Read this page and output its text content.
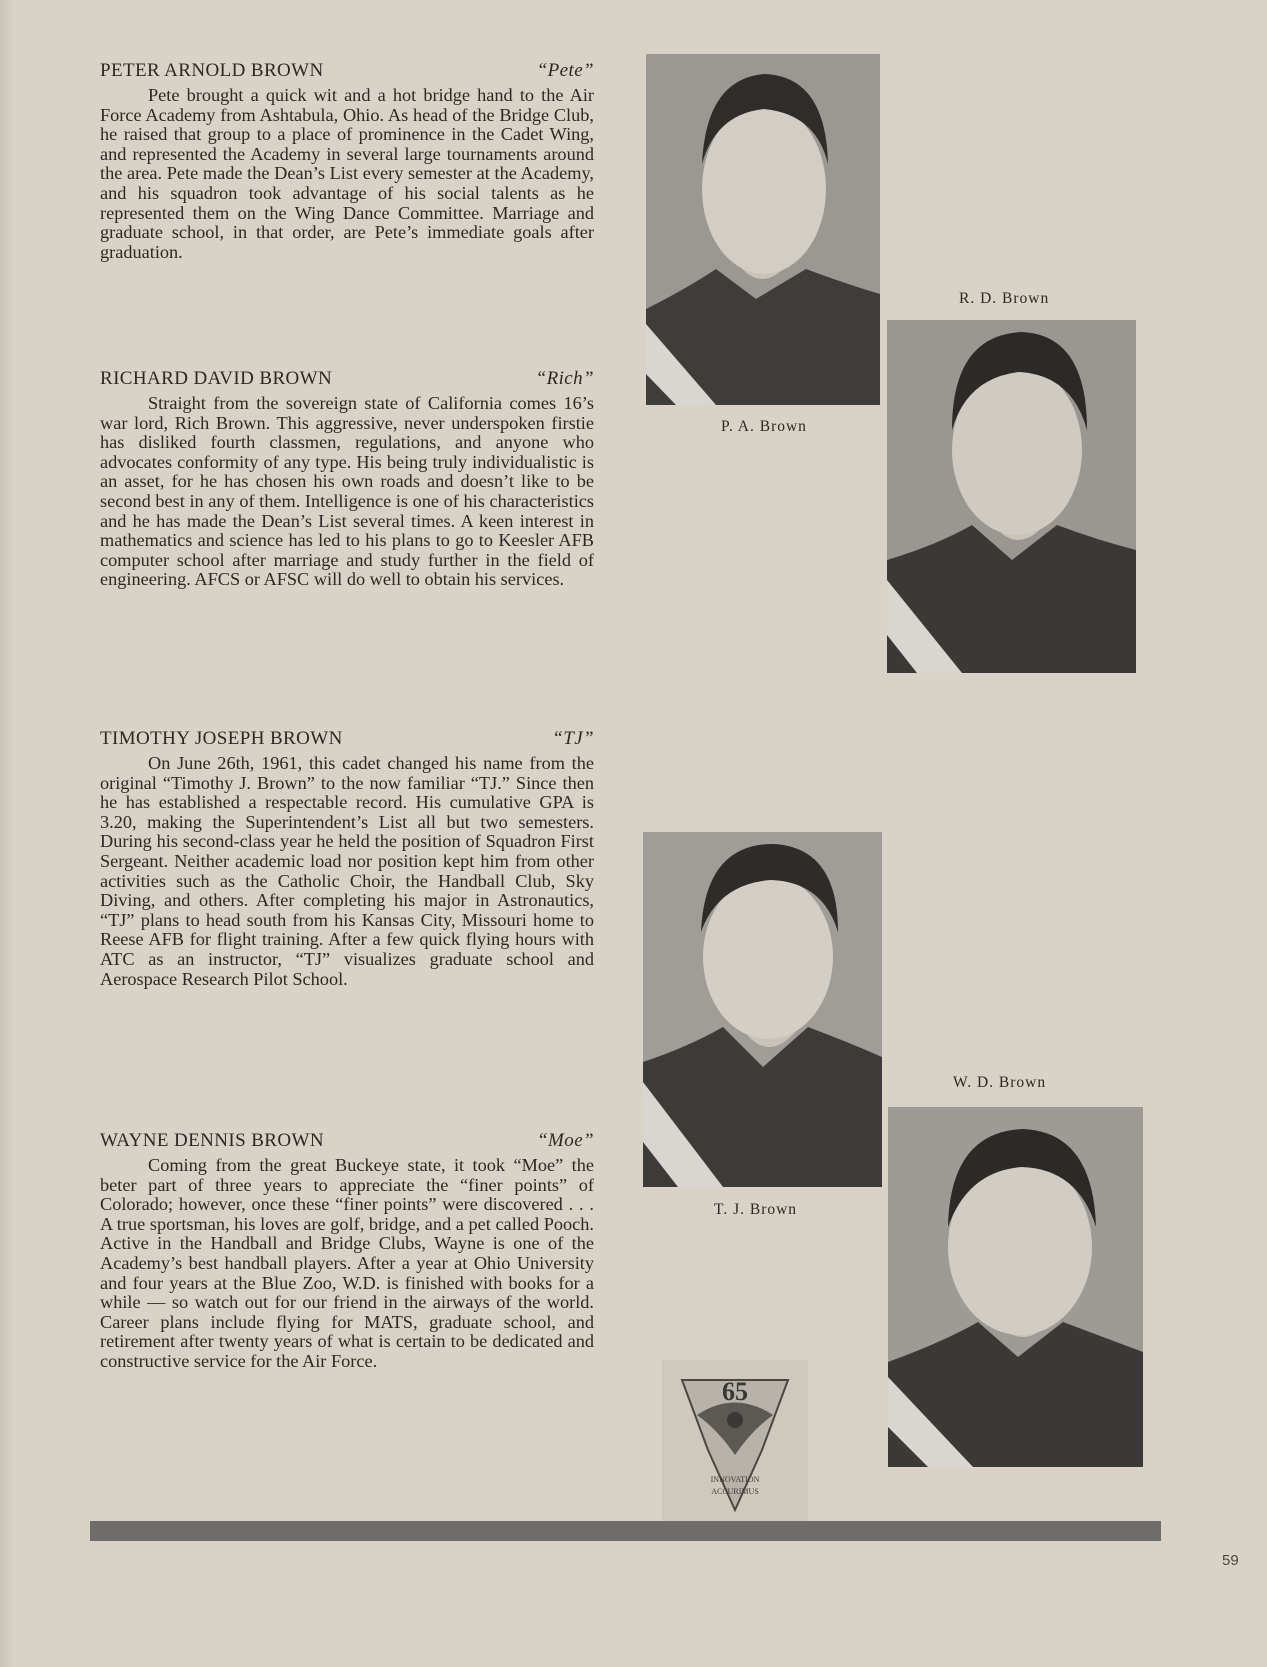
PETER ARNOLD BROWN	“Pete”

Pete brought a quick wit and a hot bridge hand to the Air Force Academy from Ashtabula, Ohio. As head of the Bridge Club, he raised that group to a place of prominence in the Cadet Wing, and represented the Academy in several large tournaments around the area. Pete made the Dean’s List every semester at the Academy, and his squadron took advantage of his social talents as he represented them on the Wing Dance Committee. Marriage and graduate school, in that order, are Pete’s immediate goals after graduation.

RICHARD DAVID BROWN	“Rich”

Straight from the sovereign state of California comes 16’s war lord, Rich Brown. This aggressive, never underspoken firstie has disliked fourth classmen, regulations, and anyone who advocates conformity of any type. His being truly individualistic is an asset, for he has chosen his own roads and doesn’t like to be second best in any of them. Intelligence is one of his characteristics and he has made the Dean’s List several times. A keen interest in mathematics and science has led to his plans to go to Keesler AFB computer school after marriage and study further in the field of engineering. AFCS or AFSC will do well to obtain his services.

TIMOTHY JOSEPH BROWN	“TJ”

On June 26th, 1961, this cadet changed his name from the original “Timothy J. Brown” to the now familiar “TJ.” Since then he has established a respectable record. His cumulative GPA is 3.20, making the Superintendent’s List all but two semesters. During his second-class year he held the position of Squadron First Sergeant. Neither academic load nor position kept him from other activities such as the Catholic Choir, the Handball Club, Sky Diving, and others. After completing his major in Astronautics, “TJ” plans to head south from his Kansas City, Missouri home to Reese AFB for flight training. After a few quick flying hours with ATC as an instructor, “TJ” visualizes graduate school and Aerospace Research Pilot School.

WAYNE DENNIS BROWN	“Moe”

Coming from the great Buckeye state, it took “Moe” the beter part of three years to appreciate the “finer points” of Colorado; however, once these “finer points” were discovered . . . A true sportsman, his loves are golf, bridge, and a pet called Pooch. Active in the Handball and Bridge Clubs, Wayne is one of the Academy’s best handball players. After a year at Ohio University and four years at the Blue Zoo, W.D. is finished with books for a while — so watch out for our friend in the airways of the world. Career plans include flying for MATS, graduate school, and retirement after twenty years of what is certain to be dedicated and constructive service for the Air Force.

P. A. Brown
R. D. Brown
T. J. Brown
W. D. Brown
65
INNOVATION
ACCURIMUS
59
